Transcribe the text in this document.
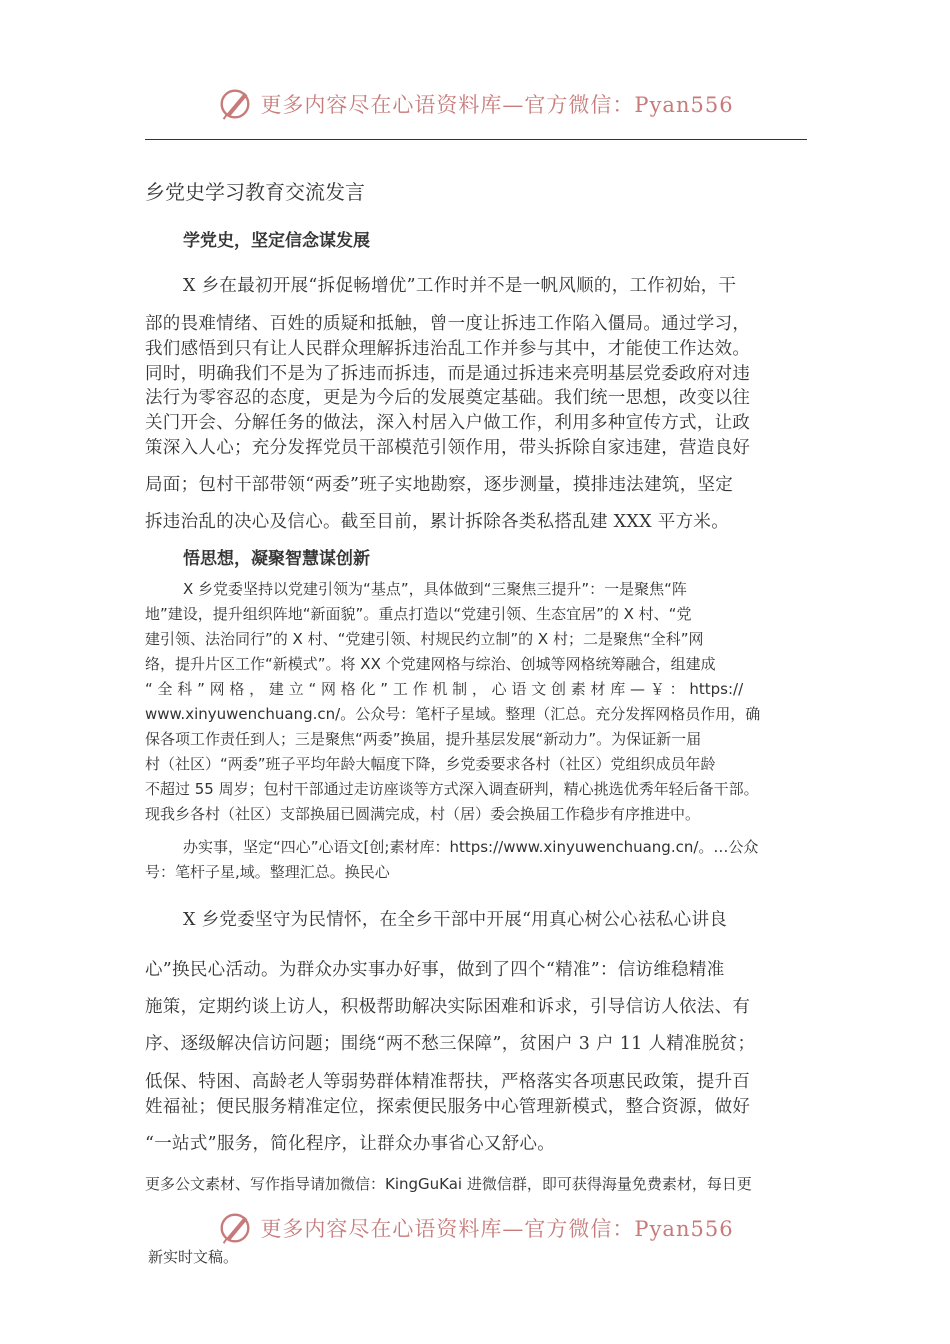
更多内容尽在心语资料库—官方微信：Pyan556
乡党史学习教育交流发言
学党史，坚定信念谋发展
X 乡在最初开展“拆促畅增优”工作时并不是一帆风顺的，工作初始，干
部的畏难情绪、百姓的质疑和抵触，曾一度让拆违工作陷入僵局。通过学习，
我们感悟到只有让人民群众理解拆违治乱工作并参与其中，才能使工作达效。
同时，明确我们不是为了拆违而拆违，而是通过拆违来亮明基层党委政府对违
法行为零容忍的态度，更是为今后的发展奠定基础。我们统一思想，改变以往
关门开会、分解任务的做法，深入村居入户做工作，利用多种宣传方式，让政
策深入人心；充分发挥党员干部模范引领作用，带头拆除自家违建，营造良好
局面；包村干部带领“两委”班子实地勘察，逐步测量，摸排违法建筑，坚定
拆违治乱的决心及信心。截至目前，累计拆除各类私搭乱建 XXX 平方米。
悟思想，凝聚智慧谋创新
X 乡党委坚持以党建引领为“基点”，具体做到“三聚焦三提升”：一是聚焦“阵
地”建设，提升组织阵地“新面貌”。重点打造以“党建引领、生态宜居”的 X 村、“党
建引领、法治同行”的 X 村、“党建引领、村规民约立制”的 X 村；二是聚焦“全科”网
络，提升片区工作“新模式”。将 XX 个党建网格与综治、创城等网格统筹融合，组建成
“ 全 科 ” 网 格 ， 建 立 “ 网 格 化 ” 工 作 机 制 ， 心 语 文 创 素 材 库 — ￥ ： https://
www.xinyuwenchuang.cn/。公众号：笔杆子星域。整理（汇总。充分发挥网格员作用，确
保各项工作责任到人；三是聚焦“两委”换届，提升基层发展“新动力”。为保证新一届
村（社区）“两委”班子平均年龄大幅度下降，乡党委要求各村（社区）党组织成员年龄
不超过 55 周岁；包村干部通过走访座谈等方式深入调查研判，精心挑选优秀年轻后备干部。
现我乡各村（社区）支部换届已圆满完成，村（居）委会换届工作稳步有序推进中。
办实事，坚定“四心”心语文[创;素材库：https://www.xinyuwenchuang.cn/。…公众
号：笔杆子星,域。整理汇总。换民心
X 乡党委坚守为民情怀，在全乡干部中开展“用真心树公心祛私心讲良
心”换民心活动。为群众办实事办好事，做到了四个“精准”：信访维稳精准
施策，定期约谈上访人，积极帮助解决实际困难和诉求，引导信访人依法、有
序、逐级解决信访问题；围绕“两不愁三保障”，贫困户 3 户 11 人精准脱贫；
低保、特困、高龄老人等弱势群体精准帮扶，严格落实各项惠民政策，提升百
姓福祉；便民服务精准定位，探索便民服务中心管理新模式，整合资源，做好
“一站式”服务，简化程序，让群众办事省心又舒心。
更多公文素材、写作指导请加微信：KingGuKai 进微信群，即可获得海量免费素材，每日更
更多内容尽在心语资料库—官方微信：Pyan556
新实时文稿。
